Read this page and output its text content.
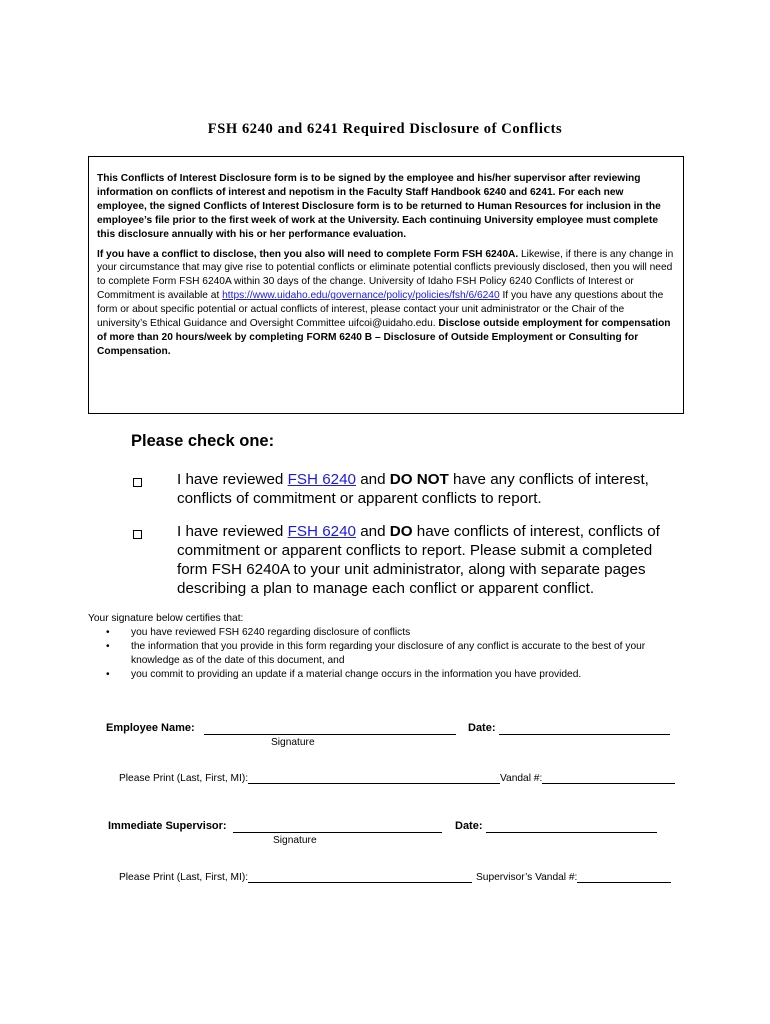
FSH 6240 and 6241 Required Disclosure of Conflicts

This Conflicts of Interest Disclosure form is to be signed by the employee and his/her supervisor after reviewing information on conflicts of interest and nepotism in the Faculty Staff Handbook 6240 and 6241. For each new employee, the signed Conflicts of Interest Disclosure form is to be returned to Human Resources for inclusion in the employee’s file prior to the first week of work at the University. Each continuing University employee must complete this disclosure annually with his or her performance evaluation.

If you have a conflict to disclose, then you also will need to complete Form FSH 6240A. Likewise, if there is any change in your circumstance that may give rise to potential conflicts or eliminate potential conflicts previously disclosed, then you will need to complete Form FSH 6240A within 30 days of the change. University of Idaho FSH Policy 6240 Conflicts of Interest or Commitment is available at https://www.uidaho.edu/governance/policy/policies/fsh/6/6240 If you have any questions about the form or about specific potential or actual conflicts of interest, please contact your unit administrator or the Chair of the university’s Ethical Guidance and Oversight Committee uifcoi@uidaho.edu. Disclose outside employment for compensation of more than 20 hours/week by completing FORM 6240 B – Disclosure of Outside Employment or Consulting for Compensation.

Please check one:
I have reviewed FSH 6240 and DO NOT have any conflicts of interest, conflicts of commitment or apparent conflicts to report.
I have reviewed FSH 6240 and DO have conflicts of interest, conflicts of commitment or apparent conflicts to report. Please submit a completed form FSH 6240A to your unit administrator, along with separate pages describing a plan to manage each conflict or apparent conflict.
Your signature below certifies that:
• you have reviewed FSH 6240 regarding disclosure of conflicts
• the information that you provide in this form regarding your disclosure of any conflict is accurate to the best of your knowledge as of the date of this document, and
• you commit to providing an update if a material change occurs in the information you have provided.
Employee Name:	Date:
Signature
Please Print (Last, First, MI):	Vandal #:
Immediate Supervisor:	Date:
Signature
Please Print (Last, First, MI):	Supervisor’s Vandal #:
